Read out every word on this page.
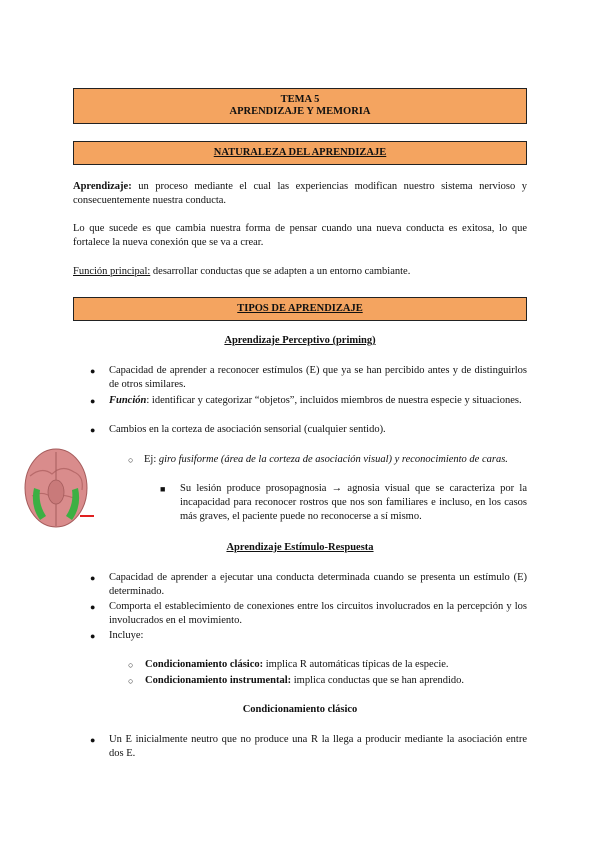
TEMA 5
APRENDIZAJE Y MEMORIA
NATURALEZA DEL APRENDIZAJE
Aprendizaje: un proceso mediante el cual las experiencias modifican nuestro sistema nervioso y consecuentemente nuestra conducta.
Lo que sucede es que cambia nuestra forma de pensar cuando una nueva conducta es exitosa, lo que fortalece la nueva conexión que se va a crear.
Función principal: desarrollar conductas que se adapten a un entorno cambiante.
TIPOS DE APRENDIZAJE
Aprendizaje Perceptivo (priming)
● Capacidad de aprender a reconocer estímulos (E) que ya se han percibido antes y de distinguirlos de otros similares.
● Función: identificar y categorizar “objetos”, incluidos miembros de nuestra especie y situaciones.
● Cambios en la corteza de asociación sensorial (cualquier sentido).
○ Ej: giro fusiforme (área de la corteza de asociación visual) y reconocimiento de caras.
■ Su lesión produce prosopagnosia → agnosia visual que se caracteriza por la incapacidad para reconocer rostros que nos son familiares e incluso, en los casos más graves, el paciente puede no reconocerse a sí mismo.
Aprendizaje Estímulo-Respuesta
● Capacidad de aprender a ejecutar una conducta determinada cuando se presenta un estímulo (E) determinado.
● Comporta el establecimiento de conexiones entre los circuitos involucrados en la percepción y los involucrados en el movimiento.
● Incluye:
○ Condicionamiento clásico: implica R automáticas típicas de la especie.
○ Condicionamiento instrumental: implica conductas que se han aprendido.
Condicionamiento clásico
● Un E inicialmente neutro que no produce una R la llega a producir mediante la asociación entre dos E.
